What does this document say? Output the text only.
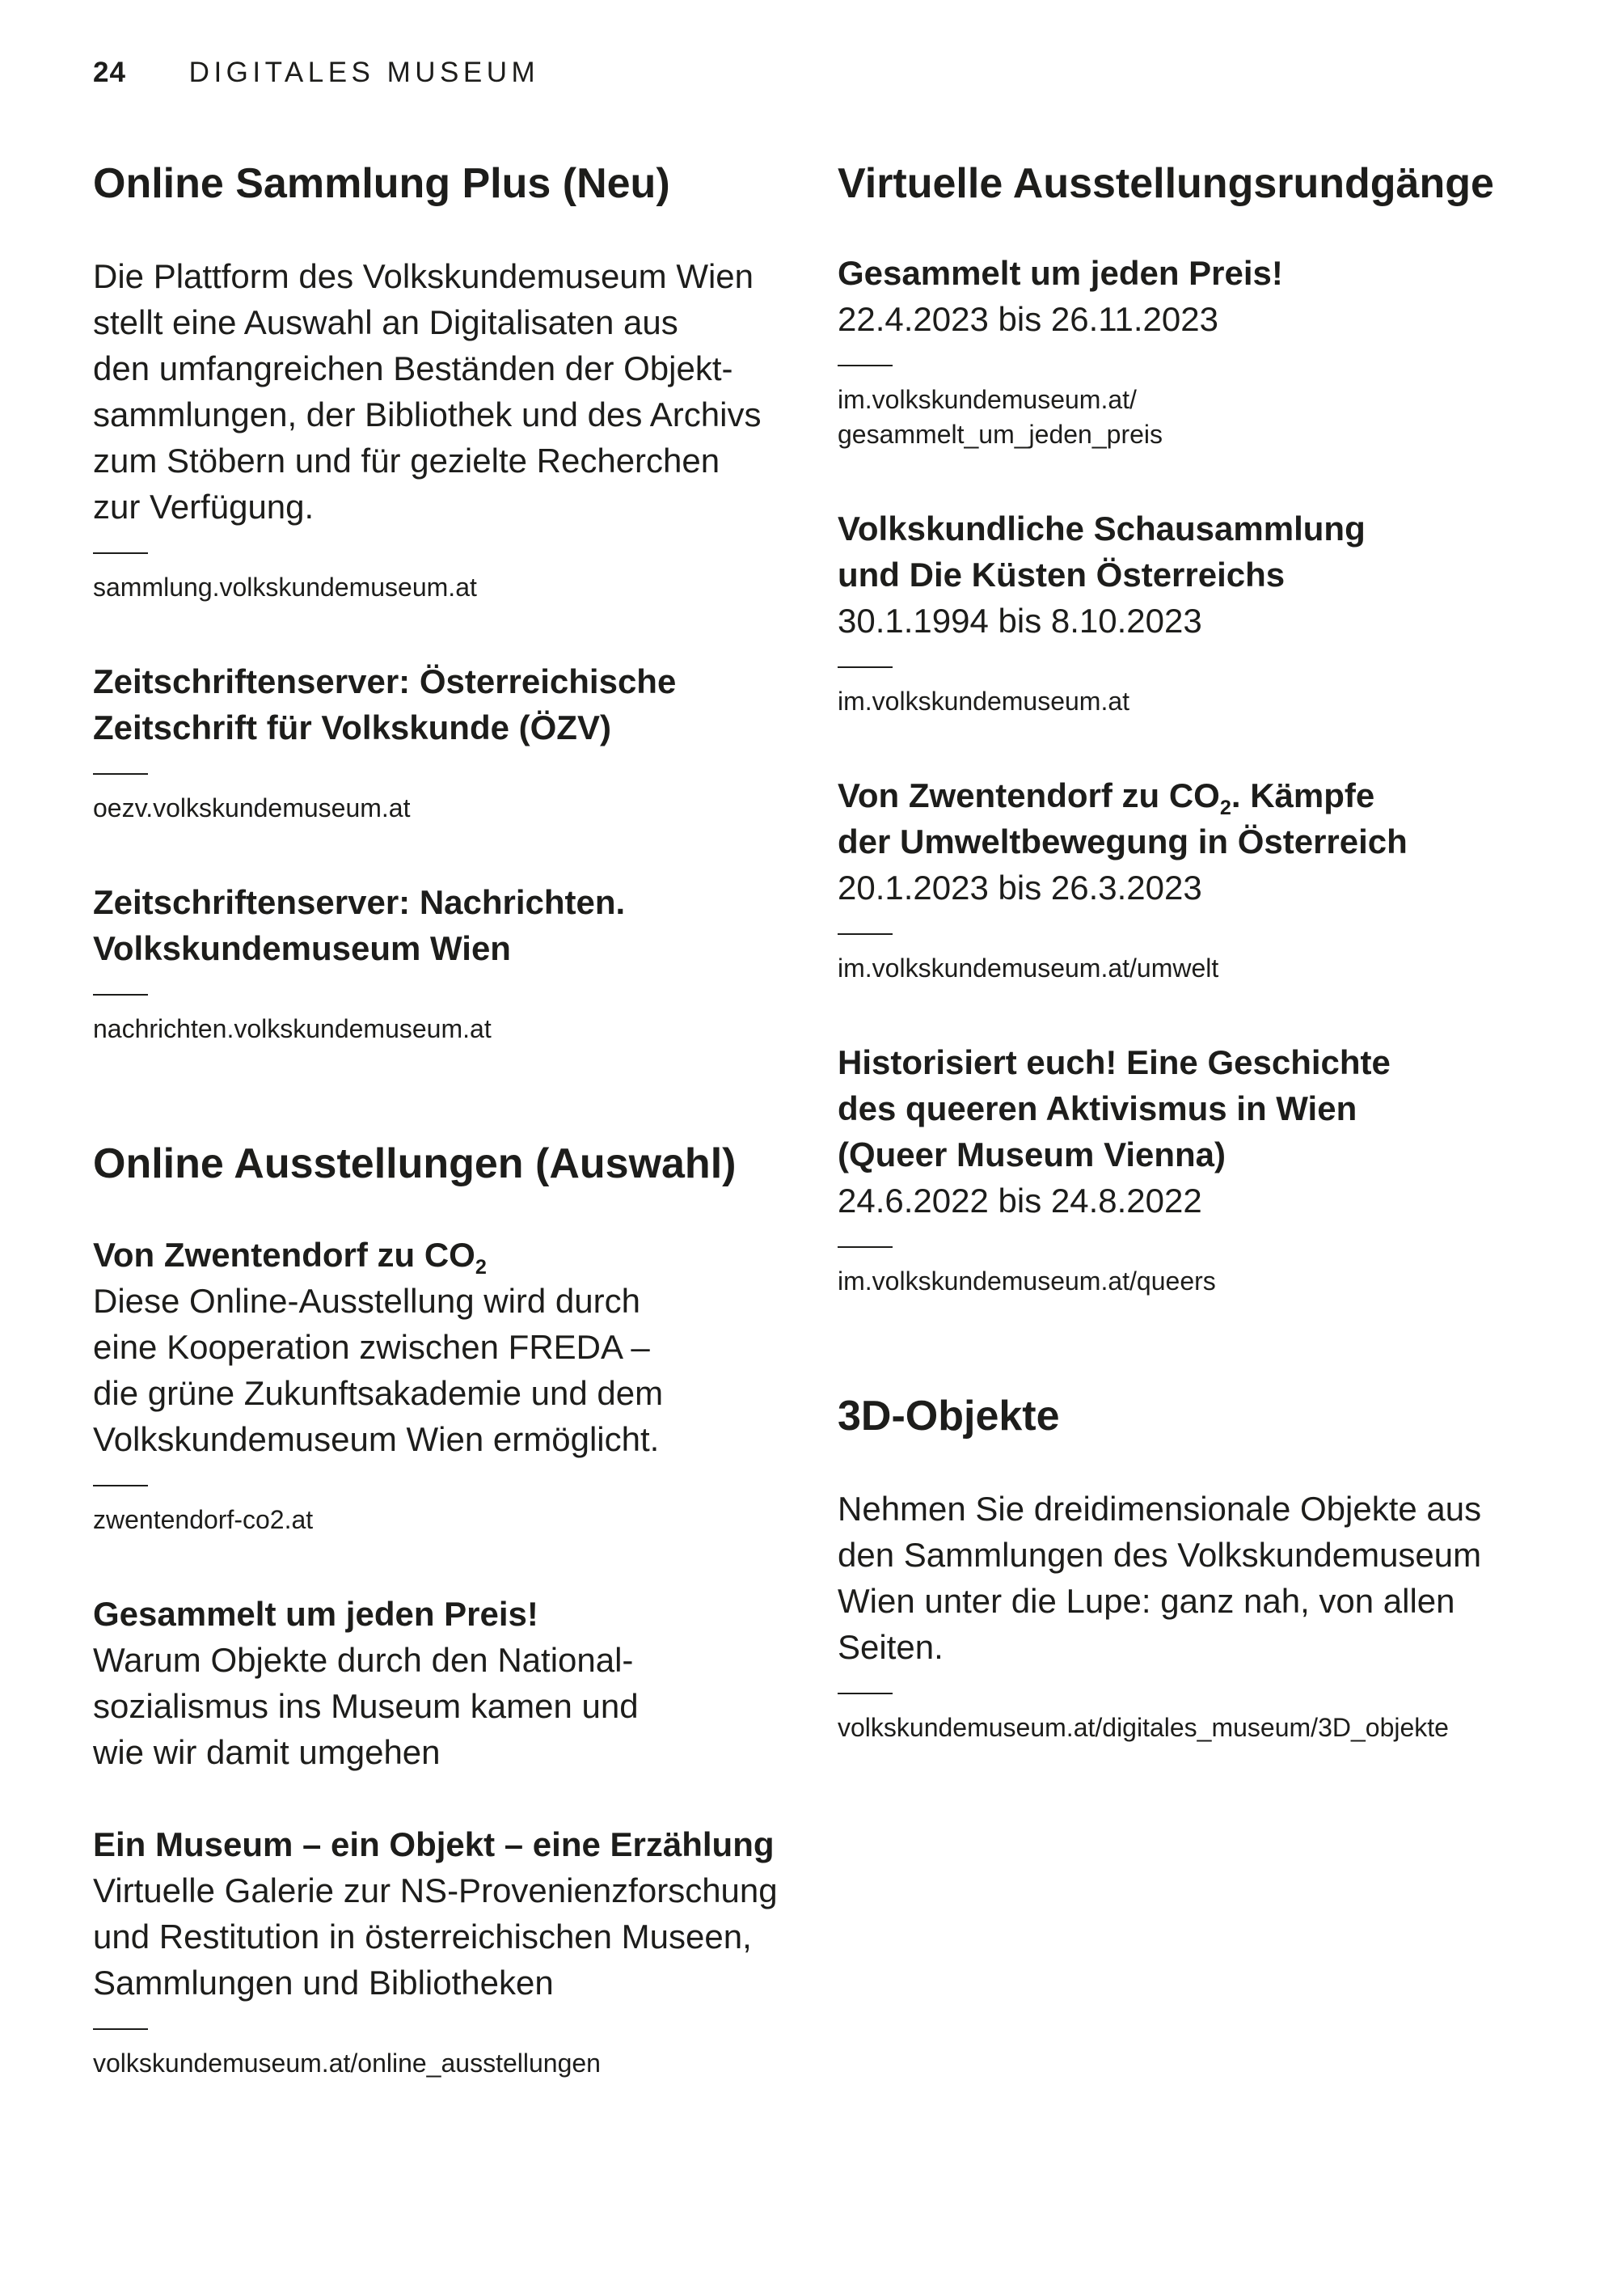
24 DIGITALES MUSEUM
Online Sammlung Plus (Neu)
Die Plattform des Volkskundemuseum Wien
stellt eine Auswahl an Digitalisaten aus
den umfangreichen Beständen der Objekt-
sammlungen, der Bibliothek und des Archivs
zum Stöbern und für gezielte Recherchen
zur Verfügung.
sammlung.volkskundemuseum.at
Zeitschriftenserver: Österreichische
Zeitschrift für Volkskunde (ÖZV)
oezv.volkskundemuseum.at
Zeitschriftenserver: Nachrichten.
Volkskundemuseum Wien
nachrichten.volkskundemuseum.at
Online Ausstellungen (Auswahl)
Von Zwentendorf zu $CO_2$
Diese Online-Ausstellung wird durch
eine Kooperation zwischen FREDA –
die grüne Zukunftsakademie und dem
Volkskundemuseum Wien ermöglicht.
zwentendorf-co2.at
Gesammelt um jeden Preis!
Warum Objekte durch den National-
sozialismus ins Museum kamen und
wie wir damit umgehen
Ein Museum – ein Objekt – eine Erzählung
Virtuelle Galerie zur NS-Provenienzforschung
und Restitution in österreichischen Museen,
Sammlungen und Bibliotheken
volkskundemuseum.at/online_ausstellungen
Virtuelle Ausstellungsrundgänge
Gesammelt um jeden Preis!
22.4.2023 bis 26.11.2023
im.volkskundemuseum.at/
gesammelt_um_jeden_preis
Volkskundliche Schausammlung
und Die Küsten Österreichs
30.1.1994 bis 8.10.2023
im.volkskundemuseum.at
Von Zwentendorf zu $CO_2$. Kämpfe
der Umweltbewegung in Österreich
20.1.2023 bis 26.3.2023
im.volkskundemuseum.at/umwelt
Historisiert euch! Eine Geschichte
des queeren Aktivismus in Wien
(Queer Museum Vienna)
24.6.2022 bis 24.8.2022
im.volkskundemuseum.at/queers
3D-Objekte
Nehmen Sie dreidimensionale Objekte aus
den Sammlungen des Volkskundemuseum
Wien unter die Lupe: ganz nah, von allen
Seiten.
volkskundemuseum.at/digitales_museum/3D_objekte
